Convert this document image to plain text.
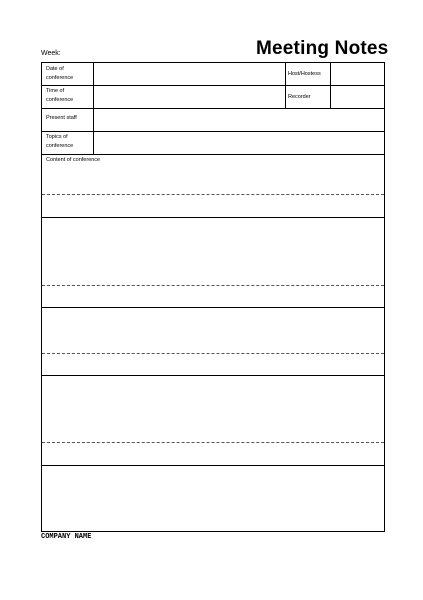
Week:	Meeting Notes
Date of conference
Host/Hostess
Time of conference	Recorder
Present staff
Topics of conference
Content of conference
COMPANY NAME
